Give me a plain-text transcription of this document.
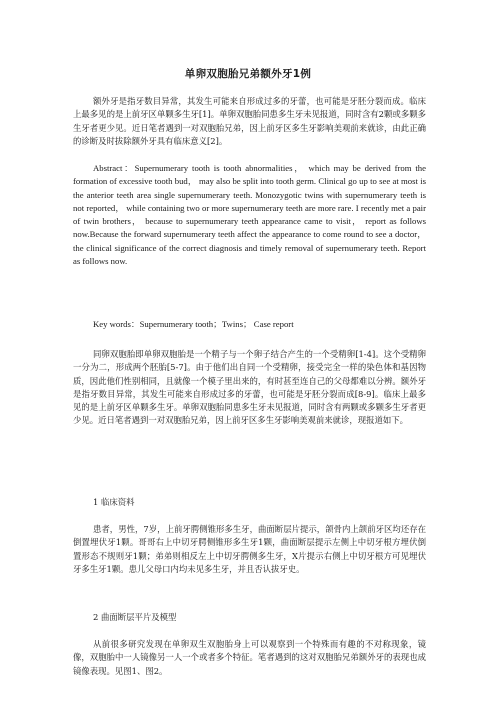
单卵双胞胎兄弟额外牙1例

额外牙是指牙数目异常，其发生可能来自形成过多的牙蕾，也可能是牙胚分裂而成。临床上最多见的是上前牙区单颗多生牙[1]。单卵双胞胎同患多生牙未见报道，同时含有2颗或多颗多生牙者更少见。近日笔者遇到一对双胞胎兄弟，因上前牙区多生牙影响美观前来就诊，由此正确的诊断及时拔除额外牙具有临床意义[2]。

Abstract：Supernumerary tooth is tooth abnormalities， which may be derived from the formation of excessive tooth bud， may also be split into tooth germ. Clinical go up to see at most is the anterior teeth area single supernumerary teeth. Monozygotic twins with supernumerary teeth is not reported， while containing two or more supernumerary teeth are more rare. I recently met a pair of twin brothers， because to supernumerary teeth appearance came to visit， report as follows now.Because the forward supernumerary teeth affect the appearance to come round to see a doctor， the clinical significance of the correct diagnosis and timely removal of supernumerary teeth. Report as follows now.

Key words：Supernumerary tooth；Twins； Case report

同卵双胞胎即单卵双胞胎是一个精子与一个卵子结合产生的一个受精卵[1-4]。这个受精卵一分为二，形成两个胚胎[5-7]。由于他们出自同一个受精卵，接受完全一样的染色体和基因物质，因此他们性别相同，且就像一个模子里出来的，有时甚至连自己的父母都难以分辨。额外牙是指牙数目异常，其发生可能来自形成过多的牙蕾，也可能是牙胚分裂而成[8-9]。临床上最多见的是上前牙区单颗多生牙。单卵双胞胎同患多生牙未见报道，同时含有两颗或多颗多生牙者更少见。近日笔者遇到一对双胞胎兄弟，因上前牙区多生牙影响美观前来就诊，现报道如下。

1 临床资料

患者，男性，7岁，上前牙腭侧锥形多生牙，曲面断层片提示，颌骨内上颌前牙区均还存在倒置埋伏牙1颗。哥哥右上中切牙腭侧锥形多生牙1颗，曲面断层提示左侧上中切牙根方埋伏倒置形态不规则牙1颗；弟弟则相反左上中切牙腭侧多生牙，X片提示右侧上中切牙根方可见埋伏牙多生牙1颗。患儿父母口内均未见多生牙，并且否认拔牙史。

2 曲面断层平片及模型

从前很多研究发现在单卵双生双胞胎身上可以观察到一个特殊而有趣的不对称现象，镜像，双胞胎中一人镜像另一人一个或者多个特征。笔者遇到的这对双胞胎兄弟额外牙的表现也成镜像表现。见图1、图2。
